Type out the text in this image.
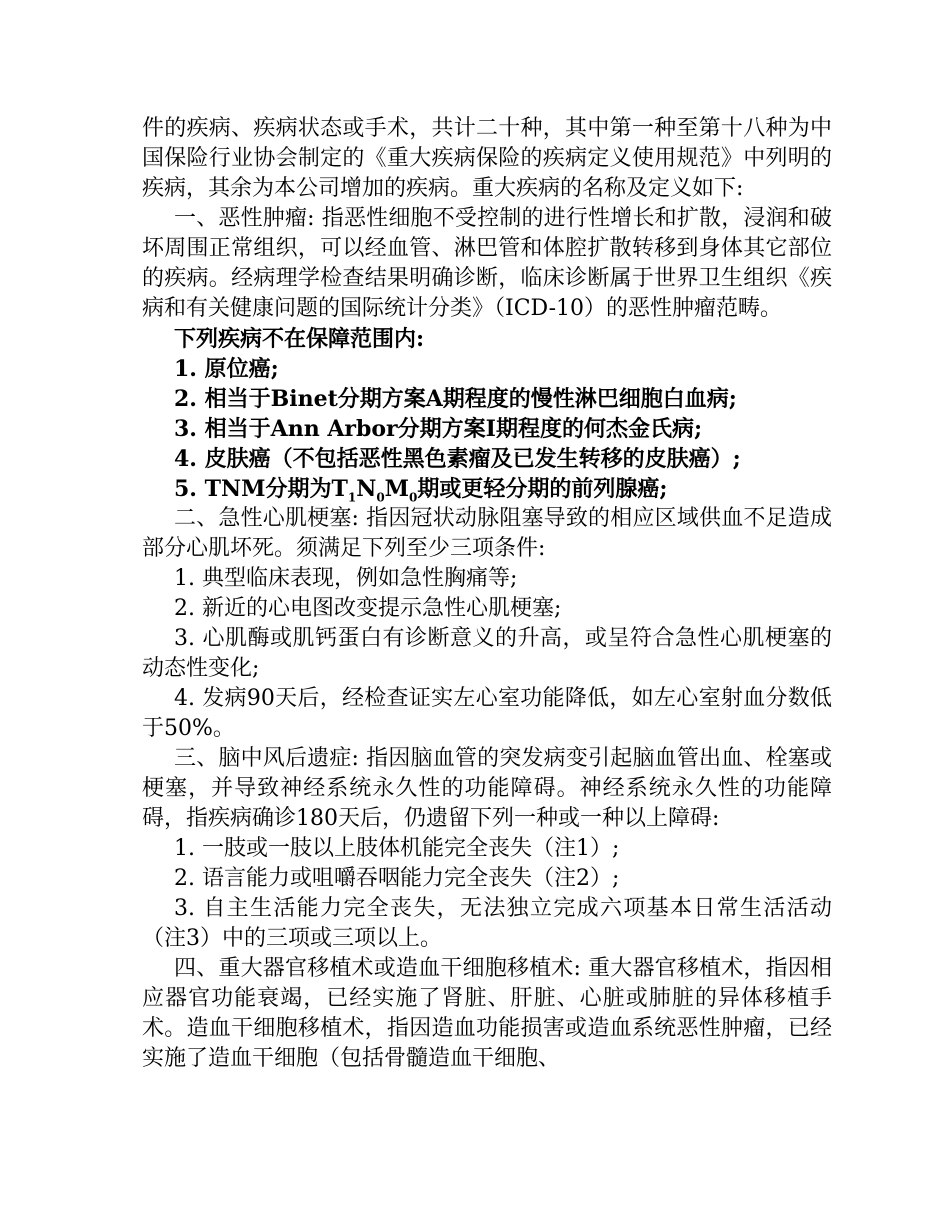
件的疾病、疾病状态或手术，共计二十种，其中第一种至第十八种为中国保险行业协会制定的《重大疾病保险的疾病定义使用规范》中列明的疾病，其余为本公司增加的疾病。重大疾病的名称及定义如下:

一、恶性肿瘤: 指恶性细胞不受控制的进行性增长和扩散，浸润和破坏周围正常组织，可以经血管、淋巴管和体腔扩散转移到身体其它部位的疾病。经病理学检查结果明确诊断，临床诊断属于世界卫生组织《疾病和有关健康问题的国际统计分类》（ICD-10）的恶性肿瘤范畴。

下列疾病不在保障范围内:

1. 原位癌;

2. 相当于Binet分期方案A期程度的慢性淋巴细胞白血病;

3. 相当于Ann Arbor分期方案I期程度的何杰金氏病;

4. 皮肤癌（不包括恶性黑色素瘤及已发生转移的皮肤癌）;

5. TNM分期为$T_1N_0M_0$期或更轻分期的前列腺癌;

二、急性心肌梗塞: 指因冠状动脉阻塞导致的相应区域供血不足造成部分心肌坏死。须满足下列至少三项条件:

1. 典型临床表现，例如急性胸痛等;

2. 新近的心电图改变提示急性心肌梗塞;

3. 心肌酶或肌钙蛋白有诊断意义的升高，或呈符合急性心肌梗塞的动态性变化;

4. 发病90天后，经检查证实左心室功能降低，如左心室射血分数低于50%。

三、脑中风后遗症: 指因脑血管的突发病变引起脑血管出血、栓塞或梗塞，并导致神经系统永久性的功能障碍。神经系统永久性的功能障碍，指疾病确诊180天后，仍遗留下列一种或一种以上障碍:

1. 一肢或一肢以上肢体机能完全丧失（注1）;

2. 语言能力或咀嚼吞咽能力完全丧失（注2）;

3. 自主生活能力完全丧失，无法独立完成六项基本日常生活活动（注3）中的三项或三项以上。

四、重大器官移植术或造血干细胞移植术: 重大器官移植术，指因相应器官功能衰竭，已经实施了肾脏、肝脏、心脏或肺脏的异体移植手术。造血干细胞移植术，指因造血功能损害或造血系统恶性肿瘤，已经实施了造血干细胞（包括骨髓造血干细胞、
